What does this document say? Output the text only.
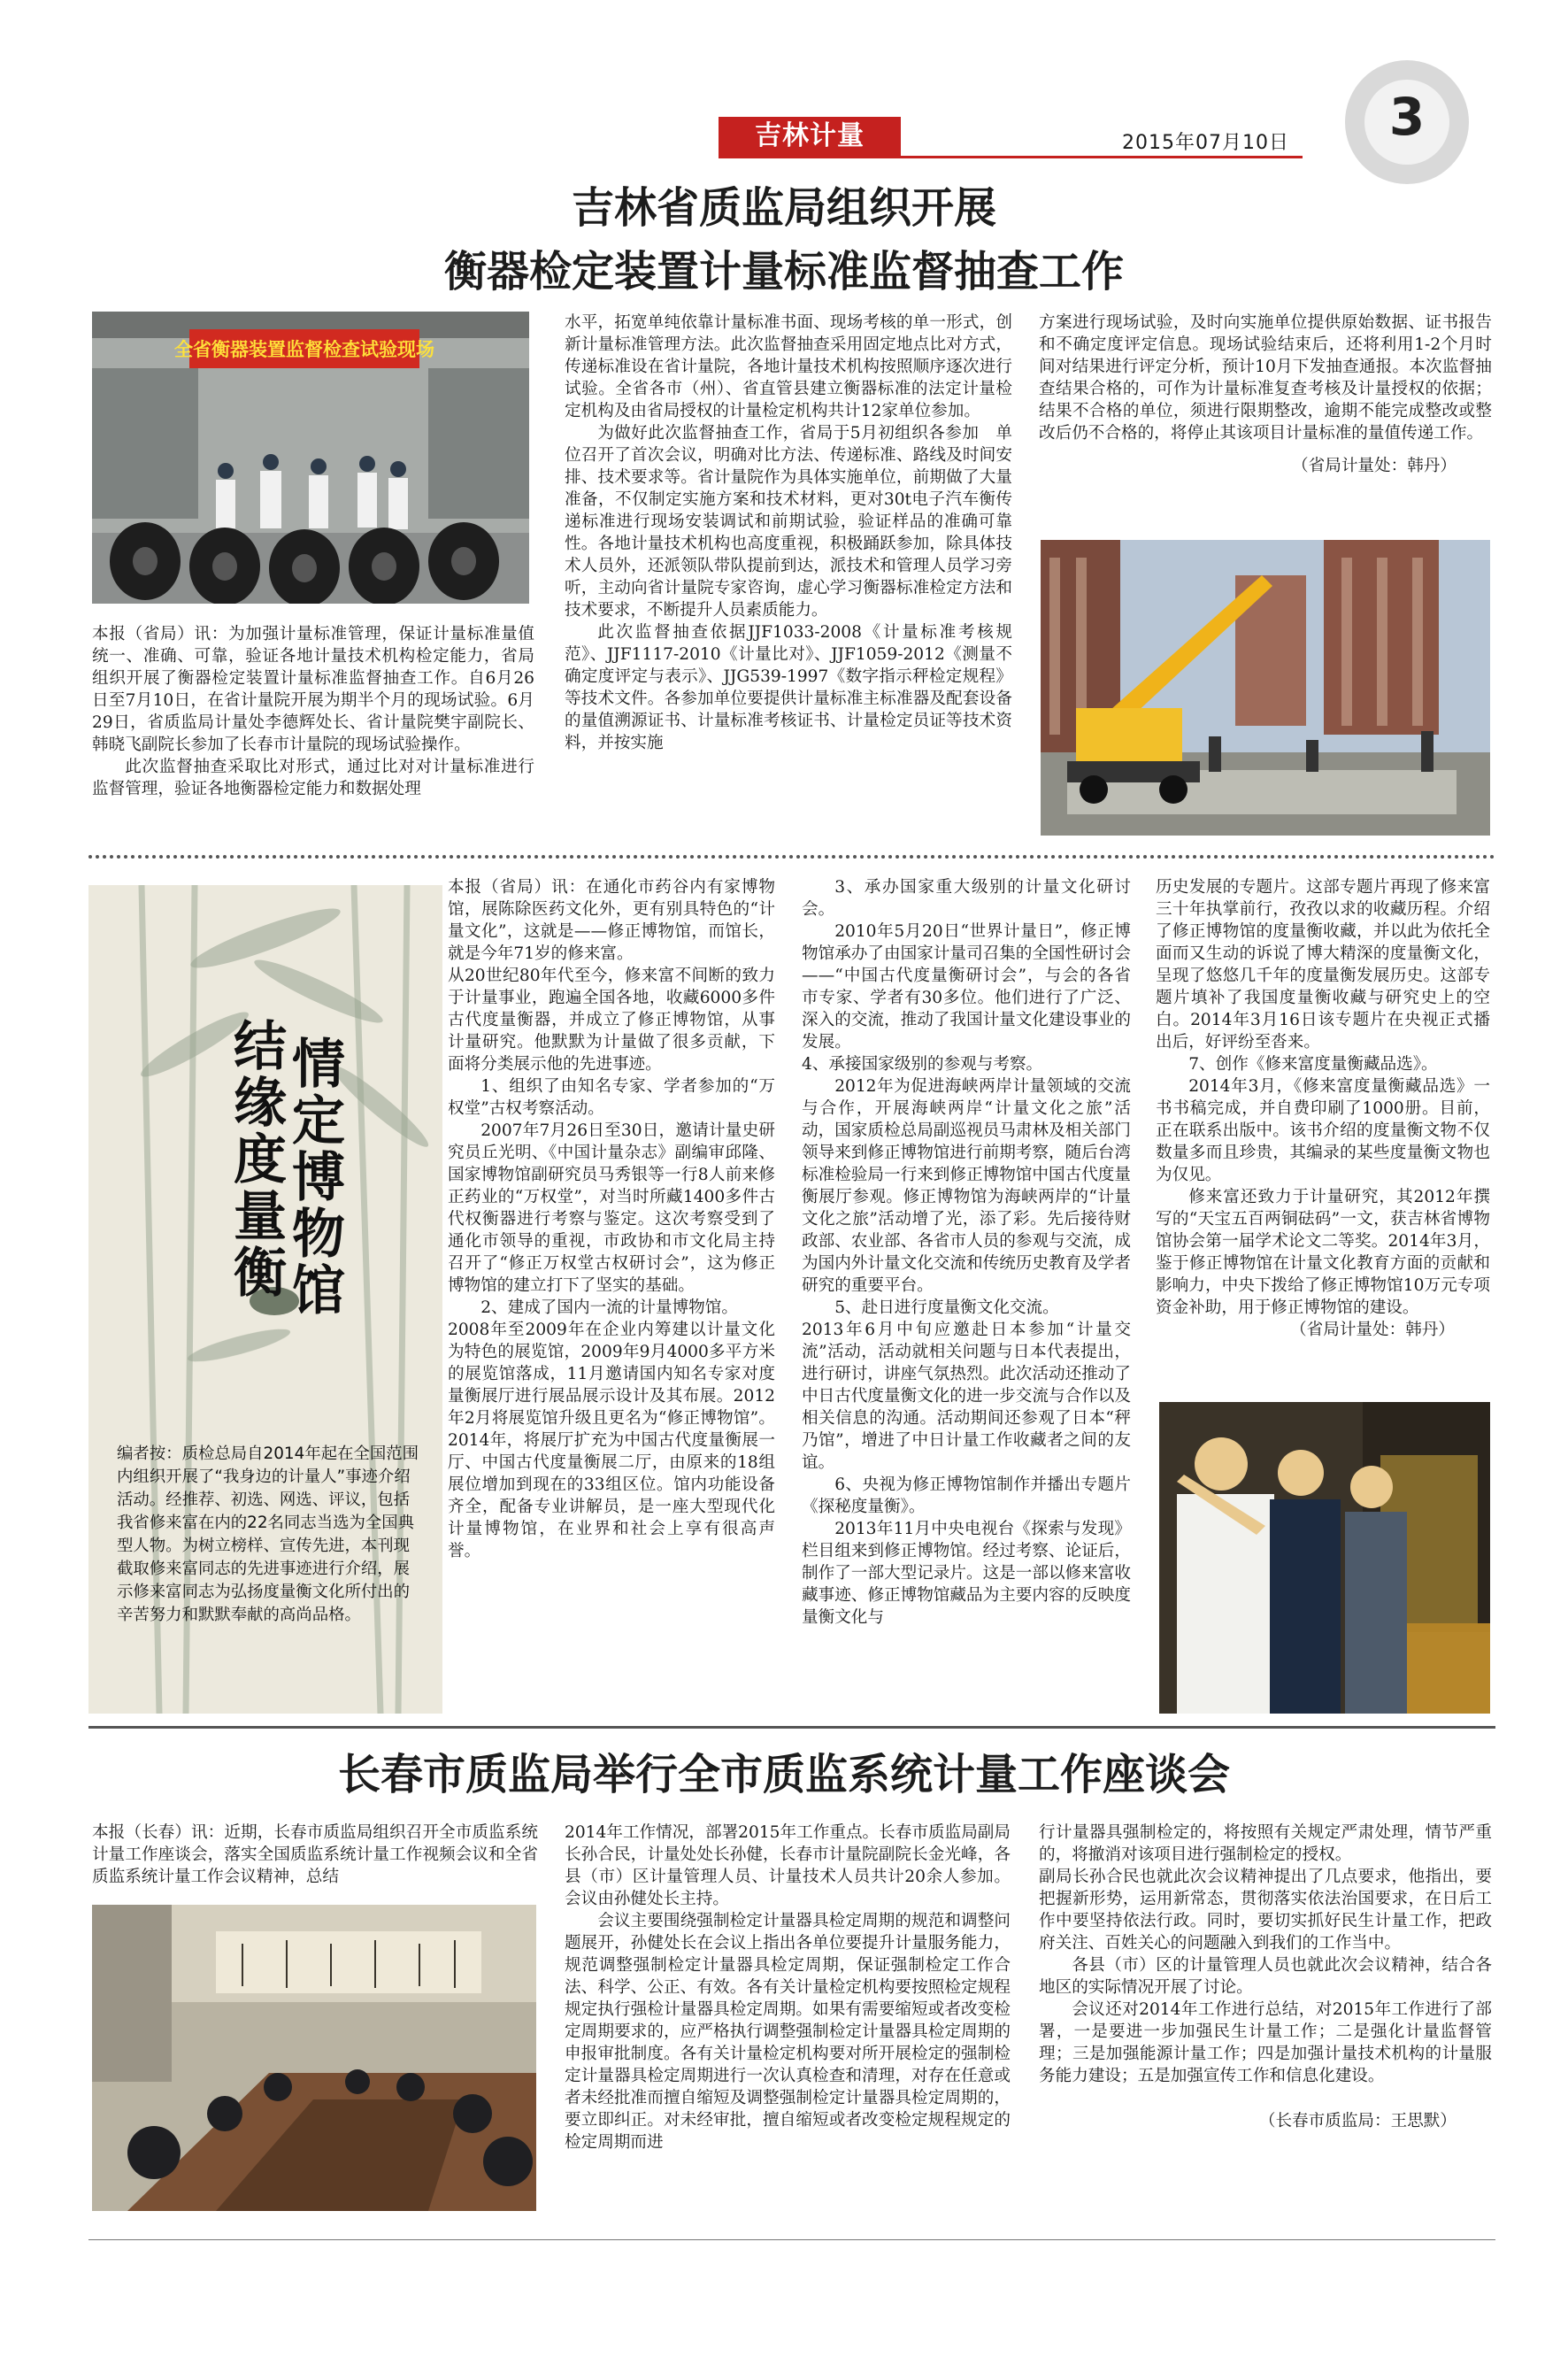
3
吉林计量	2015年07月10日
吉林省质监局组织开展
衡器检定装置计量标准监督抽查工作
全省衡器装置监督检查试验现场

本报（省局）讯：为加强计量标准管理，保证计量标准量值统一、准确、可靠，验证各地计量技术机构检定能力，省局组织开展了衡器检定装置计量标准监督抽查工作。自6月26日至7月10日，在省计量院开展为期半个月的现场试验。6月29日，省质监局计量处李德辉处长、省计量院樊宇副院长、韩晓飞副院长参加了长春市计量院的现场试验操作。

此次监督抽查采取比对形式，通过比对对计量标准进行监督管理，验证各地衡器检定能力和数据处理

水平，拓宽单纯依靠计量标准书面、现场考核的单一形式，创新计量标准管理方法。此次监督抽查采用固定地点比对方式，传递标准设在省计量院，各地计量技术机构按照顺序逐次进行试验。全省各市（州）、省直管县建立衡器标准的法定计量检定机构及由省局授权的计量检定机构共计12家单位参加。

为做好此次监督抽查工作，省局于5月初组织各参加　单位召开了首次会议，明确对比方法、传递标准、路线及时间安排、技术要求等。省计量院作为具体实施单位，前期做了大量准备，不仅制定实施方案和技术材料，更对30t电子汽车衡传递标准进行现场安装调试和前期试验，验证样品的准确可靠性。各地计量技术机构也高度重视，积极踊跃参加，除具体技术人员外，还派领队带队提前到达，派技术和管理人员学习旁听，主动向省计量院专家咨询，虚心学习衡器标准检定方法和技术要求，不断提升人员素质能力。

此次监督抽查依据JJF1033-2008《计量标准考核规范》、JJF1117-2010《计量比对》、JJF1059-2012《测量不确定度评定与表示》、JJG539-1997《数字指示秤检定规程》等技术文件。各参加单位要提供计量标准主标准器及配套设备的量值溯源证书、计量标准考核证书、计量检定员证等技术资料，并按实施

方案进行现场试验，及时向实施单位提供原始数据、证书报告和不确定度评定信息。现场试验结束后，还将利用1-2个月时间对结果进行评定分析，预计10月下发抽查通报。本次监督抽查结果合格的，可作为计量标准复查考核及计量授权的依据；结果不合格的单位，须进行限期整改，逾期不能完成整改或整改后仍不合格的，将停止其该项目计量标准的量值传递工作。

（省局计量处：韩丹）

情定博物馆
结缘度量衡
编者按：质检总局自2014年起在全国范围内组织开展了“我身边的计量人”事迹介绍活动。经推荐、初选、网选、评议，包括我省修来富在内的22名同志当选为全国典型人物。为树立榜样、宣传先进，本刊现截取修来富同志的先进事迹进行介绍，展示修来富同志为弘扬度量衡文化所付出的辛苦努力和默默奉献的高尚品格。

本报（省局）讯：在通化市药谷内有家博物馆，展陈除医药文化外，更有别具特色的“计量文化”，这就是——修正博物馆，而馆长，就是今年71岁的修来富。

从20世纪80年代至今，修来富不间断的致力于计量事业，跑遍全国各地，收藏6000多件古代度量衡器，并成立了修正博物馆，从事计量研究。他默默为计量做了很多贡献，下面将分类展示他的先进事迹。

1、组织了由知名专家、学者参加的“万权堂”古权考察活动。

2007年7月26日至30日，邀请计量史研究员丘光明、《中国计量杂志》副编审邱隆、国家博物馆副研究员马秀银等一行8人前来修正药业的“万权堂”，对当时所藏1400多件古代权衡器进行考察与鉴定。这次考察受到了通化市领导的重视，市政协和市文化局主持召开了“修正万权堂古权研讨会”，这为修正博物馆的建立打下了坚实的基础。

2、建成了国内一流的计量博物馆。

2008年至2009年在企业内筹建以计量文化为特色的展览馆，2009年9月4000多平方米的展览馆落成，11月邀请国内知名专家对度量衡展厅进行展品展示设计及其布展。2012年2月将展览馆升级且更名为“修正博物馆”。2014年，将展厅扩充为中国古代度量衡展一厅、中国古代度量衡展二厅，由原来的18组展位增加到现在的33组区位。馆内功能设备齐全，配备专业讲解员，是一座大型现代化计量博物馆，在业界和社会上享有很高声誉。

3、承办国家重大级别的计量文化研讨会。

2010年5月20日“世界计量日”，修正博物馆承办了由国家计量司召集的全国性研讨会——“中国古代度量衡研讨会”，与会的各省市专家、学者有30多位。他们进行了广泛、深入的交流，推动了我国计量文化建设事业的发展。

4、承接国家级别的参观与考察。

2012年为促进海峡两岸计量领域的交流与合作，开展海峡两岸“计量文化之旅”活动，国家质检总局副巡视员马肃林及相关部门领导来到修正博物馆进行前期考察，随后台湾标准检验局一行来到修正博物馆中国古代度量衡展厅参观。修正博物馆为海峡两岸的“计量文化之旅”活动增了光，添了彩。先后接待财政部、农业部、各省市人员的参观与交流，成为国内外计量文化交流和传统历史教育及学者研究的重要平台。

5、赴日进行度量衡文化交流。

2013年6月中旬应邀赴日本参加“计量交流”活动，活动就相关问题与日本代表提出，进行研讨，讲座气氛热烈。此次活动还推动了中日古代度量衡文化的进一步交流与合作以及相关信息的沟通。活动期间还参观了日本“秤乃馆”，增进了中日计量工作收藏者之间的友谊。

6、央视为修正博物馆制作并播出专题片《探秘度量衡》。

2013年11月中央电视台《探索与发现》栏目组来到修正博物馆。经过考察、论证后，制作了一部大型记录片。这是一部以修来富收藏事迹、修正博物馆藏品为主要内容的反映度量衡文化与

历史发展的专题片。这部专题片再现了修来富三十年执掌前行，孜孜以求的收藏历程。介绍了修正博物馆的度量衡收藏，并以此为依托全面而又生动的诉说了博大精深的度量衡文化，呈现了悠悠几千年的度量衡发展历史。这部专题片填补了我国度量衡收藏与研究史上的空白。2014年3月16日该专题片在央视正式播出后，好评纷至沓来。

7、创作《修来富度量衡藏品选》。

2014年3月，《修来富度量衡藏品选》一书书稿完成，并自费印刷了1000册。目前，正在联系出版中。该书介绍的度量衡文物不仅数量多而且珍贵，其编录的某些度量衡文物也为仅见。

修来富还致力于计量研究，其2012年撰写的“天宝五百两铜砝码”一文，获吉林省博物馆协会第一届学术论文二等奖。2014年3月，鉴于修正博物馆在计量文化教育方面的贡献和影响力，中央下拨给了修正博物馆10万元专项资金补助，用于修正博物馆的建设。

（省局计量处：韩丹）

长春市质监局举行全市质监系统计量工作座谈会

本报（长春）讯：近期，长春市质监局组织召开全市质监系统计量工作座谈会，落实全国质监系统计量工作视频会议和全省质监系统计量工作会议精神，总结

2014年工作情况，部署2015年工作重点。长春市质监局副局长孙合民，计量处处长孙健，长春市计量院副院长金光峰，各县（市）区计量管理人员、计量技术人员共计20余人参加。会议由孙健处长主持。

会议主要围绕强制检定计量器具检定周期的规范和调整问题展开，孙健处长在会议上指出各单位要提升计量服务能力，规范调整强制检定计量器具检定周期，保证强制检定工作合法、科学、公正、有效。各有关计量检定机构要按照检定规程规定执行强检计量器具检定周期。如果有需要缩短或者改变检定周期要求的，应严格执行调整强制检定计量器具检定周期的申报审批制度。各有关计量检定机构要对所开展检定的强制检定计量器具检定周期进行一次认真检查和清理，对存在任意或者未经批准而擅自缩短及调整强制检定计量器具检定周期的，要立即纠正。对未经审批，擅自缩短或者改变检定规程规定的检定周期而进

行计量器具强制检定的，将按照有关规定严肃处理，情节严重的，将撤消对该项目进行强制检定的授权。

副局长孙合民也就此次会议精神提出了几点要求，他指出，要把握新形势，运用新常态，贯彻落实依法治国要求，在日后工作中要坚持依法行政。同时，要切实抓好民生计量工作，把政府关注、百姓关心的问题融入到我们的工作当中。

各县（市）区的计量管理人员也就此次会议精神，结合各地区的实际情况开展了讨论。

会议还对2014年工作进行总结，对2015年工作进行了部署，一是要进一步加强民生计量工作；二是强化计量监督管理；三是加强能源计量工作；四是加强计量技术机构的计量服务能力建设；五是加强宣传工作和信息化建设。

（长春市质监局：王思默）
